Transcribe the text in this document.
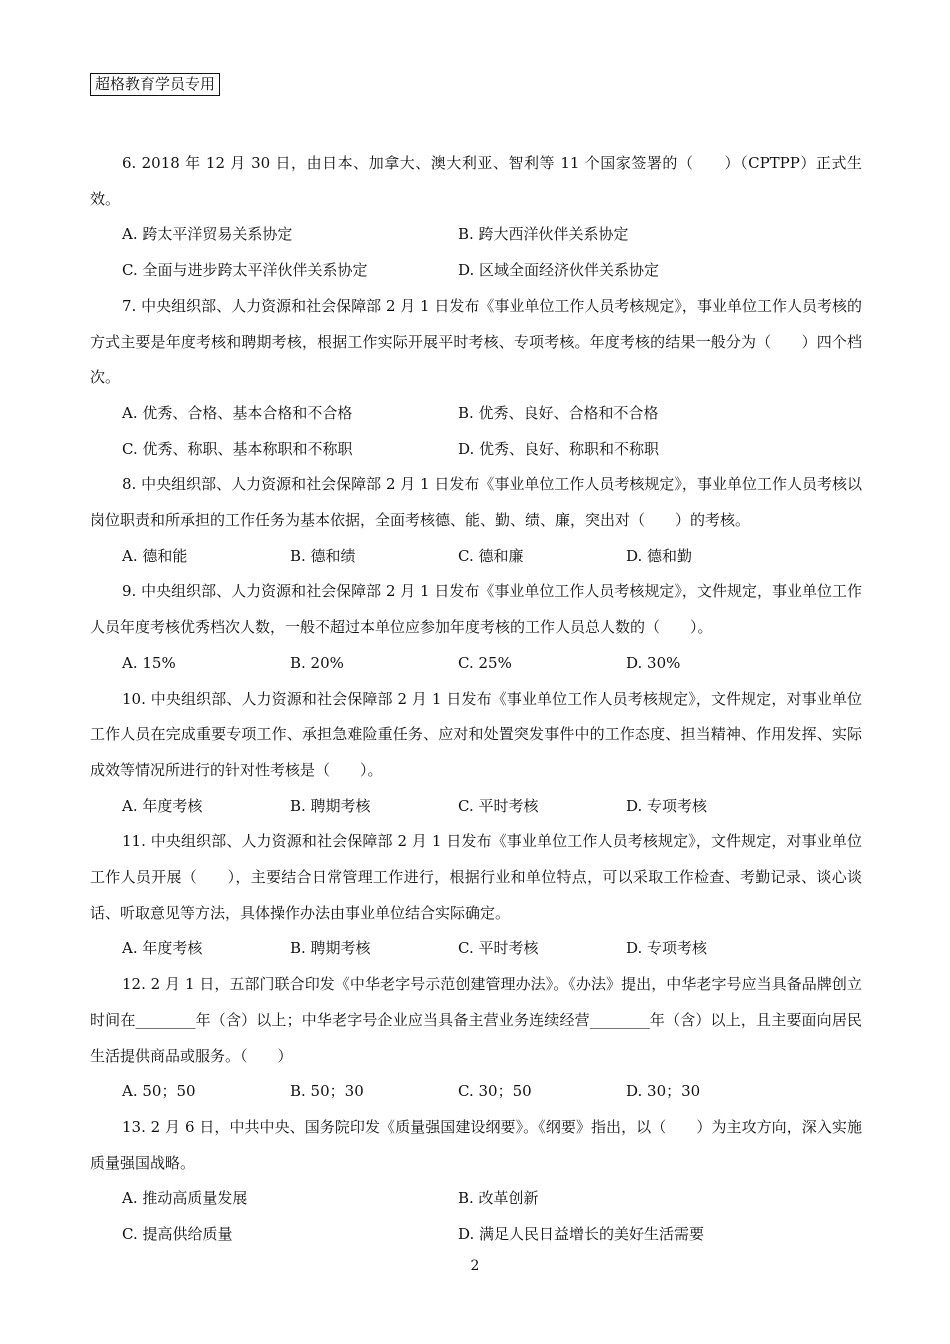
超格教育学员专用

6. 2018 年 12 月 30 日，由日本、加拿大、澳大利亚、智利等 11 个国家签署的（　　）（CPTPP）正式生效。

A. 跨太平洋贸易关系协定	B. 跨大西洋伙伴关系协定
C. 全面与进步跨太平洋伙伴关系协定	D. 区域全面经济伙伴关系协定

7. 中央组织部、人力资源和社会保障部 2 月 1 日发布《事业单位工作人员考核规定》，事业单位工作人员考核的方式主要是年度考核和聘期考核，根据工作实际开展平时考核、专项考核。年度考核的结果一般分为（　　）四个档次。

A. 优秀、合格、基本合格和不合格	B. 优秀、良好、合格和不合格
C. 优秀、称职、基本称职和不称职	D. 优秀、良好、称职和不称职

8. 中央组织部、人力资源和社会保障部 2 月 1 日发布《事业单位工作人员考核规定》，事业单位工作人员考核以岗位职责和所承担的工作任务为基本依据，全面考核德、能、勤、绩、廉，突出对（　　）的考核。

A. 德和能	B. 德和绩	C. 德和廉	D. 德和勤

9. 中央组织部、人力资源和社会保障部 2 月 1 日发布《事业单位工作人员考核规定》，文件规定，事业单位工作人员年度考核优秀档次人数，一般不超过本单位应参加年度考核的工作人员总人数的（　　）。

A. 15%	B. 20%	C. 25%	D. 30%

10. 中央组织部、人力资源和社会保障部 2 月 1 日发布《事业单位工作人员考核规定》，文件规定，对事业单位工作人员在完成重要专项工作、承担急难险重任务、应对和处置突发事件中的工作态度、担当精神、作用发挥、实际成效等情况所进行的针对性考核是（　　）。

A. 年度考核	B. 聘期考核	C. 平时考核	D. 专项考核

11. 中央组织部、人力资源和社会保障部 2 月 1 日发布《事业单位工作人员考核规定》，文件规定，对事业单位工作人员开展（　　），主要结合日常管理工作进行，根据行业和单位特点，可以采取工作检查、考勤记录、谈心谈话、听取意见等方法，具体操作办法由事业单位结合实际确定。

A. 年度考核	B. 聘期考核	C. 平时考核	D. 专项考核

12. 2 月 1 日，五部门联合印发《中华老字号示范创建管理办法》。《办法》提出，中华老字号应当具备品牌创立时间在________年（含）以上；中华老字号企业应当具备主营业务连续经营________年（含）以上，且主要面向居民生活提供商品或服务。（　　）

A. 50；50	B. 50；30	C. 30；50	D. 30；30

13. 2 月 6 日，中共中央、国务院印发《质量强国建设纲要》。《纲要》指出，以（　　）为主攻方向，深入实施质量强国战略。

A. 推动高质量发展	B. 改革创新
C. 提高供给质量	D. 满足人民日益增长的美好生活需要
2
